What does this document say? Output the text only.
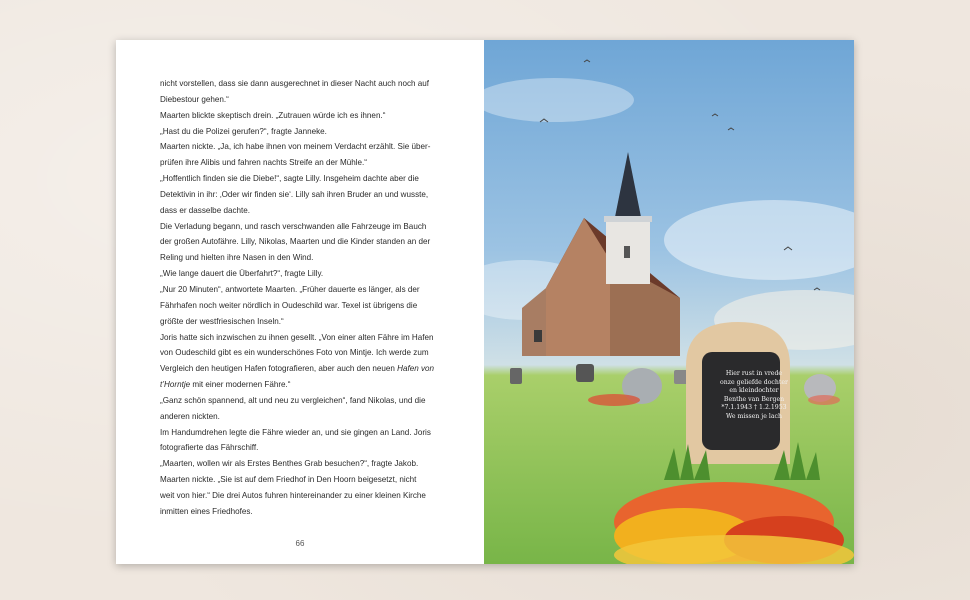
nicht vorstellen, dass sie dann ausgerechnet in dieser Nacht auch noch auf

Diebestour gehen.“

Maarten blickte skeptisch drein. „Zutrauen würde ich es ihnen.“

„Hast du die Polizei gerufen?“, fragte Janneke.

Maarten nickte. „Ja, ich habe ihnen von meinem Verdacht erzählt. Sie über-

prüfen ihre Alibis und fahren nachts Streife an der Mühle.“

„Hoffentlich finden sie die Diebe!“, sagte Lilly. Insgeheim dachte aber die

Detektivin in ihr: ‚Oder wir finden sie‘. Lilly sah ihren Bruder an und wusste,

dass er dasselbe dachte.

Die Verladung begann, und rasch verschwanden alle Fahrzeuge im Bauch

der großen Autofähre. Lilly, Nikolas, Maarten und die Kinder standen an der

Reling und hielten ihre Nasen in den Wind.

„Wie lange dauert die Überfahrt?“, fragte Lilly.

„Nur 20 Minuten“, antwortete Maarten. „Früher dauerte es länger, als der

Fährhafen noch weiter nördlich in Oudeschild war. Texel ist übrigens die

größte der westfriesischen Inseln.“

Joris hatte sich inzwischen zu ihnen gesellt. „Von einer alten Fähre im Hafen

von Oudeschild gibt es ein wunderschönes Foto von Mintje. Ich werde zum

Vergleich den heutigen Hafen fotografieren, aber auch den neuen Hafen von

t’Horntje mit einer modernen Fähre.“

„Ganz schön spannend, alt und neu zu vergleichen“, fand Nikolas, und die

anderen nickten.

Im Handumdrehen legte die Fähre wieder an, und sie gingen an Land. Joris

fotografierte das Fährschiff.

„Maarten, wollen wir als Erstes Benthes Grab besuchen?“, fragte Jakob.

Maarten nickte. „Sie ist auf dem Friedhof in Den Hoorn beigesetzt, nicht

weit von hier.“ Die drei Autos fuhren hintereinander zu einer kleinen Kirche

inmitten eines Friedhofes.

66
Hier rust in vrede
onze geliefde dochter
en kleindochter
Benthe van Bergen
*7.1.1943 † 1.2.1953
We missen je lach
